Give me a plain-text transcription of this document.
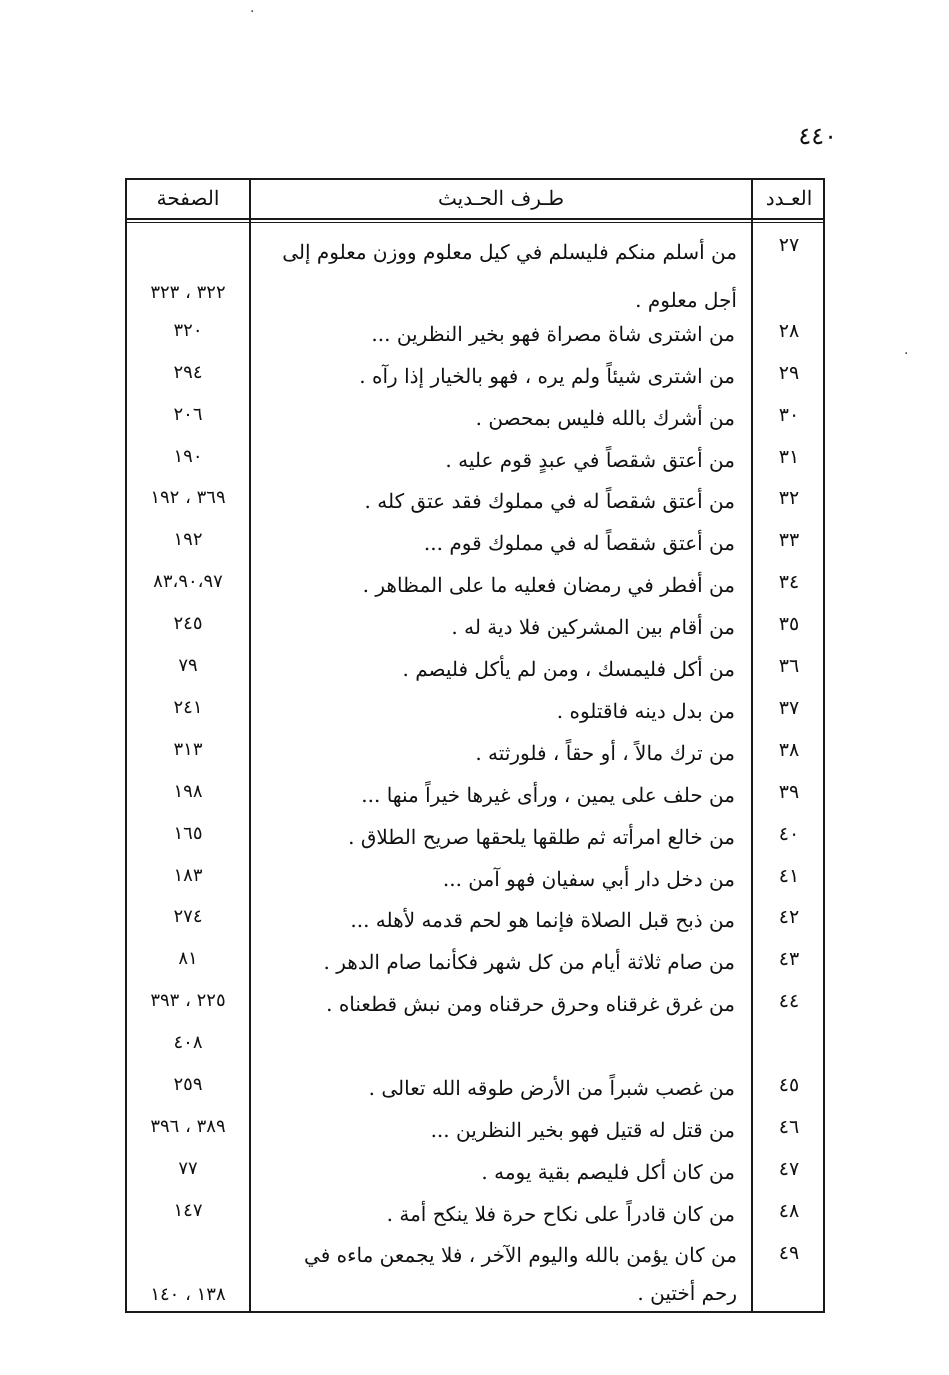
·
·
٤٤٠
العـدد
طـرف الحـديث
الصفحة
٢٧
من أسلم منكم فليسلم في كيل معلوم ووزن معلوم إلى أجل معلوم .
٣٢٢ ، ٣٢٣
٢٨
من اشترى شاة مصراة فهو بخير النظرين ...
٣٢٠
٢٩
من اشترى شيئاً ولم يره ، فهو بالخيار إذا رآه .
٢٩٤
٣٠
من أشرك بالله فليس بمحصن .
٢٠٦
٣١
من أعتق شقصاً في عبدٍ قوم عليه .
١٩٠
٣٢
من أعتق شقصاً له في مملوك فقد عتق كله .
٣٦٩ ، ١٩٢
٣٣
من أعتق شقصاً له في مملوك قوم ...
١٩٢
٣٤
من أفطر في رمضان فعليه ما على المظاهر .
٨٣،٩٠،٩٧
٣٥
من أقام بين المشركين فلا دية له .
٢٤٥
٣٦
من أكل فليمسك ، ومن لم يأكل فليصم .
٧٩
٣٧
من بدل دينه فاقتلوه .
٢٤١
٣٨
من ترك مالاً ، أو حقاً ، فلورثته .
٣١٣
٣٩
من حلف على يمين ، ورأى غيرها خيراً منها ...
١٩٨
٤٠
من خالع امرأته ثم طلقها يلحقها صريح الطلاق .
١٦٥
٤١
من دخل دار أبي سفيان فهو آمن ...
١٨٣
٤٢
من ذبح قبل الصلاة فإنما هو لحم قدمه لأهله ...
٢٧٤
٤٣
من صام ثلاثة أيام من كل شهر فكأنما صام الدهر .
٨١
٤٤
من غرق غرقناه وحرق حرقناه ومن نبش قطعناه .
٢٢٥ ، ٣٩٣
٤٠٨
٤٥
من غصب شبراً من الأرض طوقه الله تعالى .
٢٥٩
٤٦
من قتل له قتيل فهو بخير النظرين ...
٣٨٩ ، ٣٩٦
٤٧
من كان أكل فليصم بقية يومه .
٧٧
٤٨
من كان قادراً على نكاح حرة فلا ينكح أمة .
١٤٧
٤٩
من كان يؤمن بالله واليوم الآخر ، فلا يجمعن ماءه في رحم أختين .
١٣٨ ، ١٤٠
